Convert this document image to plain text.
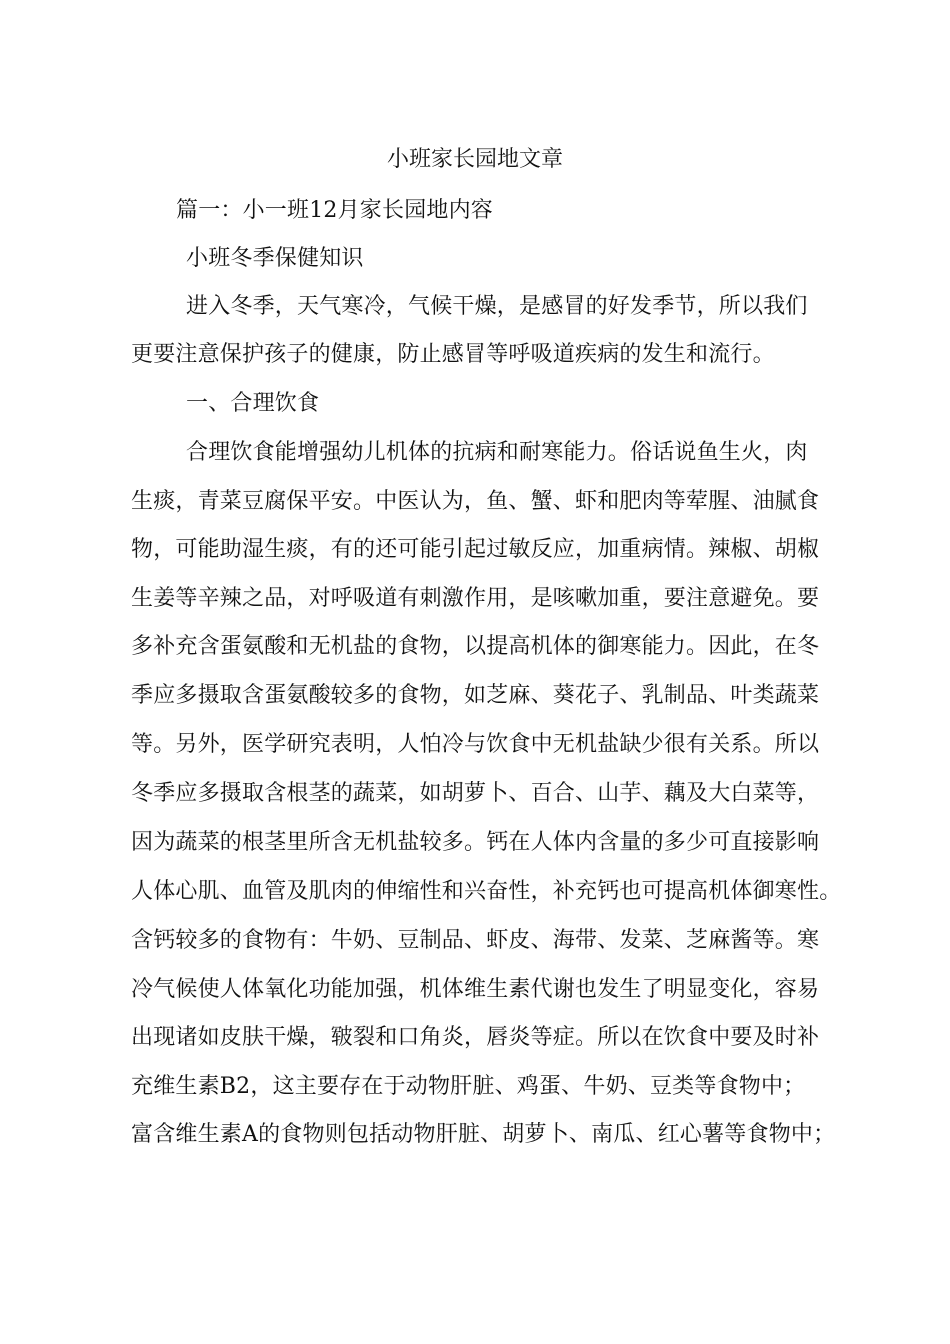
小班家长园地文章
篇一：小一班12月家长园地内容
小班冬季保健知识
进入冬季，天气寒冷，气候干燥，是感冒的好发季节，所以我们
更要注意保护孩子的健康，防止感冒等呼吸道疾病的发生和流行。
一、合理饮食
合理饮食能增强幼儿机体的抗病和耐寒能力。俗话说鱼生火，肉
生痰，青菜豆腐保平安。中医认为，鱼、蟹、虾和肥肉等荤腥、油腻食
物，可能助湿生痰，有的还可能引起过敏反应，加重病情。辣椒、胡椒
生姜等辛辣之品，对呼吸道有刺激作用，是咳嗽加重，要注意避免。要
多补充含蛋氨酸和无机盐的食物，以提高机体的御寒能力。因此，在冬
季应多摄取含蛋氨酸较多的食物，如芝麻、葵花子、乳制品、叶类蔬菜
等。另外，医学研究表明，人怕冷与饮食中无机盐缺少很有关系。所以
冬季应多摄取含根茎的蔬菜，如胡萝卜、百合、山芋、藕及大白菜等，
因为蔬菜的根茎里所含无机盐较多。钙在人体内含量的多少可直接影响
人体心肌、血管及肌肉的伸缩性和兴奋性，补充钙也可提高机体御寒性。
含钙较多的食物有：牛奶、豆制品、虾皮、海带、发菜、芝麻酱等。寒
冷气候使人体氧化功能加强，机体维生素代谢也发生了明显变化，容易
出现诸如皮肤干燥，皲裂和口角炎，唇炎等症。所以在饮食中要及时补
充维生素B2，这主要存在于动物肝脏、鸡蛋、牛奶、豆类等食物中；
富含维生素A的食物则包括动物肝脏、胡萝卜、南瓜、红心薯等食物中；
